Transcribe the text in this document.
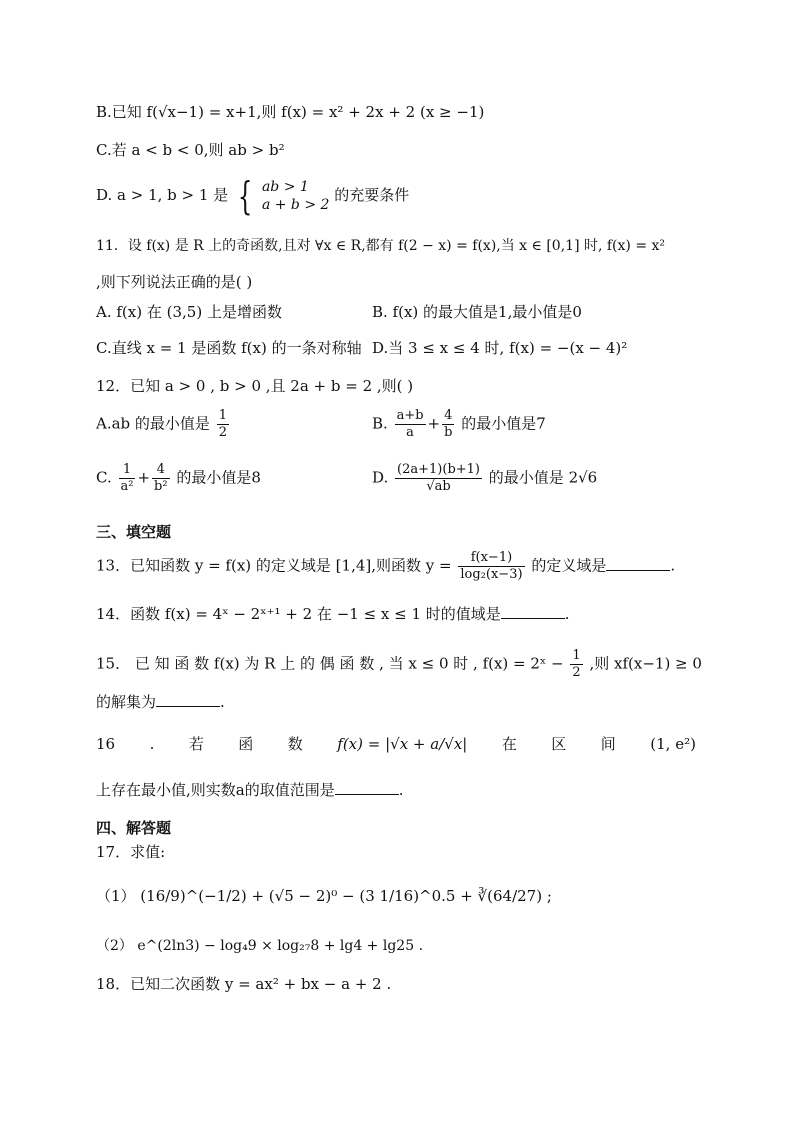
B.已知 f(√x−1) = x+1,则 f(x) = x² + 2x + 2 (x ≥ −1)
C.若 a < b < 0,则 ab > b²
D. a > 1, b > 1 是 { ab > 1
a + b > 2
的充要条件
11．设 f(x) 是 R 上的奇函数,且对 ∀x ∈ R,都有 f(2 − x) = f(x),当 x ∈ [0,1] 时, f(x) = x²
,则下列说法正确的是( )
A. f(x) 在 (3,5) 上是增函数	B. f(x) 的最大值是1,最小值是0
C.直线 x = 1 是函数 f(x) 的一条对称轴 D.当 3 ≤ x ≤ 4 时, f(x) = −(x − 4)²
12．已知 a > 0 , b > 0 ,且 2a + b = 2 ,则( )
A.ab 的最小值是 $\frac{1}{2}$	B. $\frac{a+b}{a} + \frac{4}{b}$ 的最小值是7
C. $\frac{1}{\text{a²}} + \frac{4}{\text{b²}}$ 的最小值是8	D. $\frac{(2a+1)(b+1)}{√ab}$ 的最小值是 2√6
三、填空题
13．已知函数 y = f(x) 的定义域是 [1,4],则函数 $y = \frac{f(x-1)}{\text{log₂(x−3)}}$ 的定义域是	.
14．函数 f(x) = 4ˣ − 2ˣ⁺¹ + 2 在 −1 ≤ x ≤ 1 时的值域是	.
15． 已 知 函 数 f(x) 为 R 上 的 偶 函 数 , 当 x ≤ 0 时 , f(x) = 2ˣ − $\frac{1}{2}$ ,则 xf(x−1) ≥ 0
的解集为	.
16 . 若 函 数 f(x) = |√x + a/√x| 在 区 间 (1, e²)
上存在最小值,则实数a的取值范围是	.
四、解答题
17．求值:
（1） (16/9)^(−1/2) + (√5 − 2)⁰ − (3 1/16)^0.5 + ∛(64/27) ;
（2） e^(2ln3) − log₄9 × log₂₇8 + lg4 + lg25 .
18．已知二次函数 y = ax² + bx − a + 2 .
